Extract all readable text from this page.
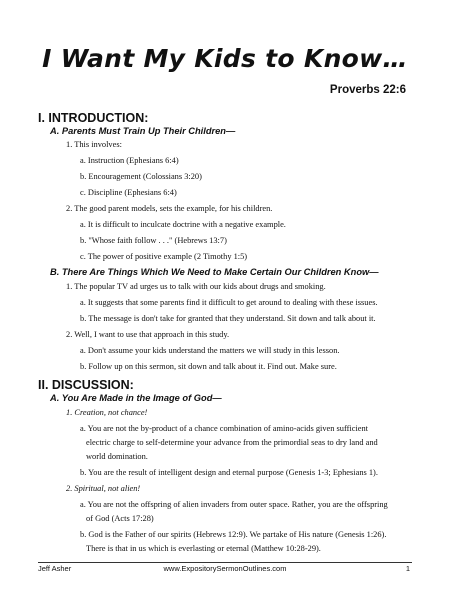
I Want My Kids to Know…
Proverbs 22:6
I. INTRODUCTION:
A. Parents Must Train Up Their Children—
1. This involves:
a. Instruction (Ephesians 6:4)
b. Encouragement (Colossians 3:20)
c. Discipline (Ephesians 6:4)
2. The good parent models, sets the example, for his children.
a. It is difficult to inculcate doctrine with a negative example.
b. "Whose faith follow . . ." (Hebrews 13:7)
c. The power of positive example (2 Timothy 1:5)
B. There Are Things Which We Need to Make Certain Our Children Know—
1. The popular TV ad urges us to talk with our kids about drugs and smoking.
a. It suggests that some parents find it difficult to get around to dealing with these issues.
b. The message is don't take for granted that they understand. Sit down and talk about it.
2. Well, I want to use that approach in this study.
a. Don't assume your kids understand the matters we will study in this lesson.
b. Follow up on this sermon, sit down and talk about it. Find out. Make sure.
II. DISCUSSION:
A. You Are Made in the Image of God—
1. Creation, not chance!
a. You are not the by-product of a chance combination of amino-acids given sufficient
electric charge to self-determine your advance from the primordial seas to dry land and
world domination.
b. You are the result of intelligent design and eternal purpose (Genesis 1-3; Ephesians 1).
2. Spiritual, not alien!
a. You are not the offspring of alien invaders from outer space. Rather, you are the offspring
of God (Acts 17:28)
b. God is the Father of our spirits (Hebrews 12:9). We partake of His nature (Genesis 1:26).
There is that in us which is everlasting or eternal (Matthew 10:28-29).
Jeff Asher	www.ExpositorySermonOutlines.com	1
